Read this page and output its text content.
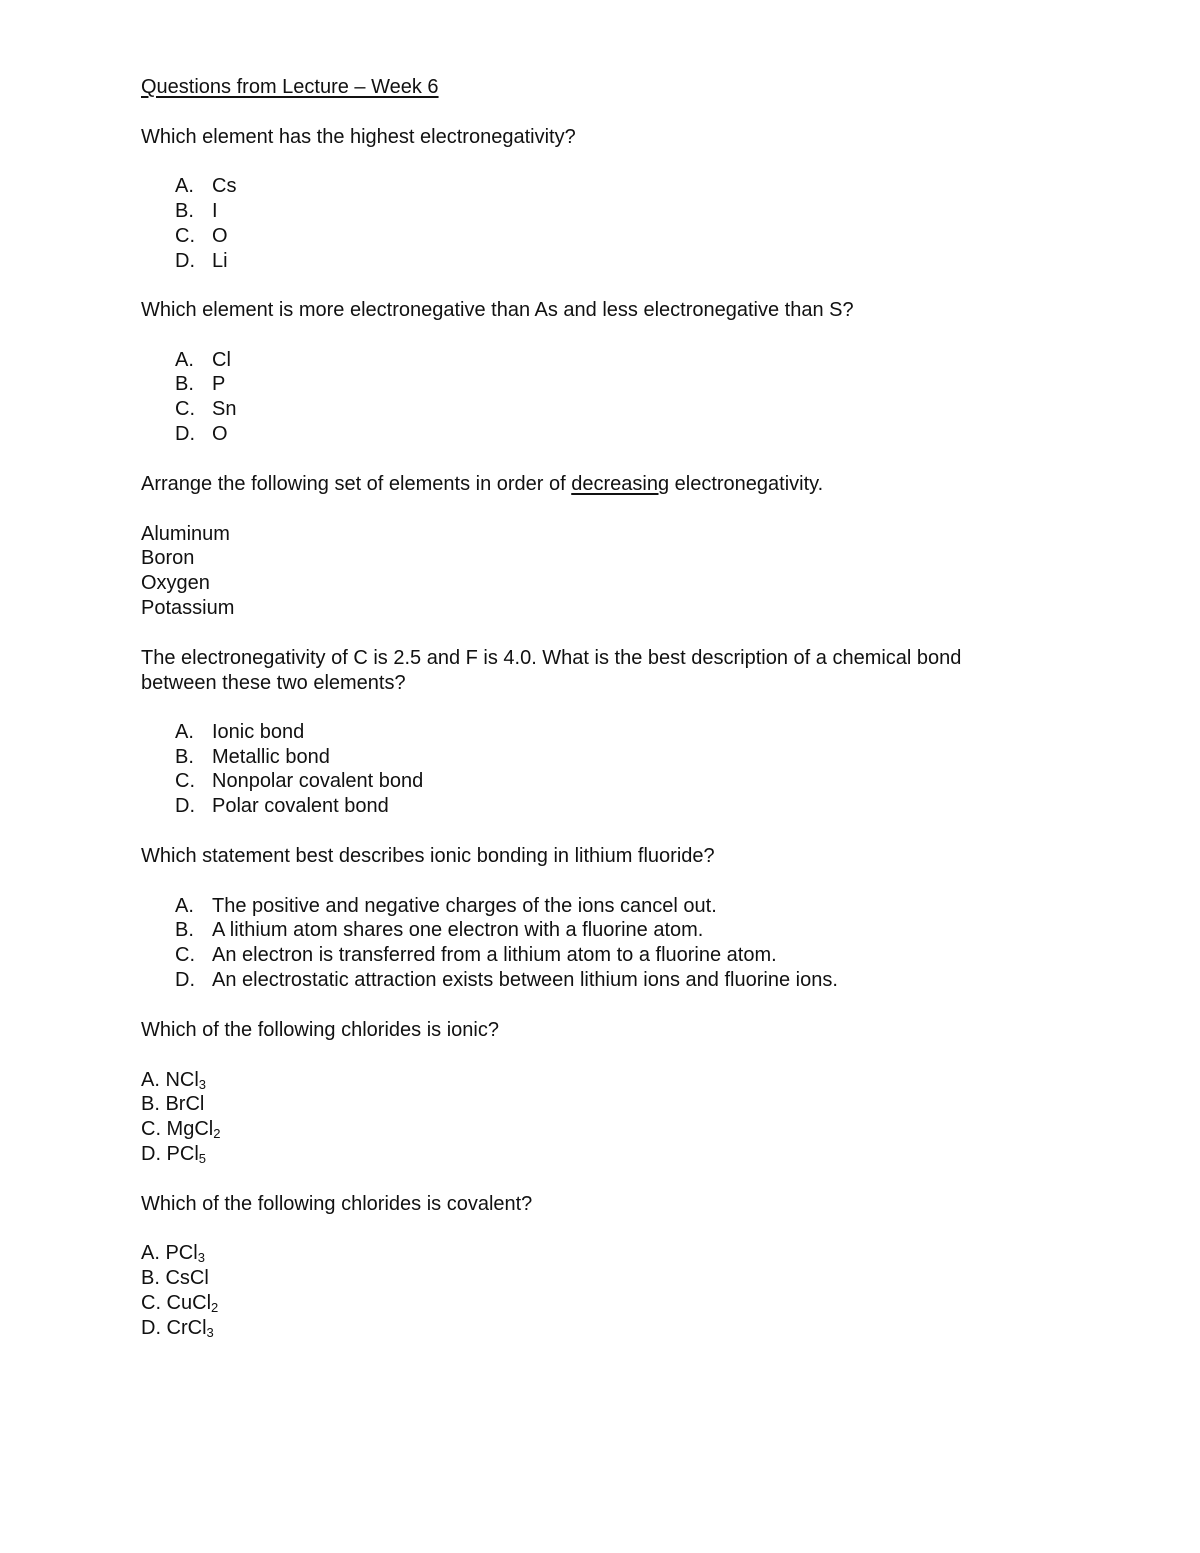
Questions from Lecture – Week 6
Which element has the highest electronegativity?
A. Cs
B. I
C. O
D. Li
Which element is more electronegative than As and less electronegative than S?
A. Cl
B. P
C. Sn
D. O
Arrange the following set of elements in order of decreasing electronegativity.
Aluminum
Boron
Oxygen
Potassium
The electronegativity of C is 2.5 and F is 4.0. What is the best description of a chemical bond
between these two elements?
A. Ionic bond
B. Metallic bond
C. Nonpolar covalent bond
D. Polar covalent bond
Which statement best describes ionic bonding in lithium fluoride?
A. The positive and negative charges of the ions cancel out.
B. A lithium atom shares one electron with a fluorine atom.
C. An electron is transferred from a lithium atom to a fluorine atom.
D. An electrostatic attraction exists between lithium ions and fluorine ions.
Which of the following chlorides is ionic?
A. NCl$_3$
B. BrCl
C. MgCl$_2$
D. PCl$_5$
Which of the following chlorides is covalent?
A. PCl$_3$
B. CsCl
C. CuCl$_2$
D. CrCl$_3$
